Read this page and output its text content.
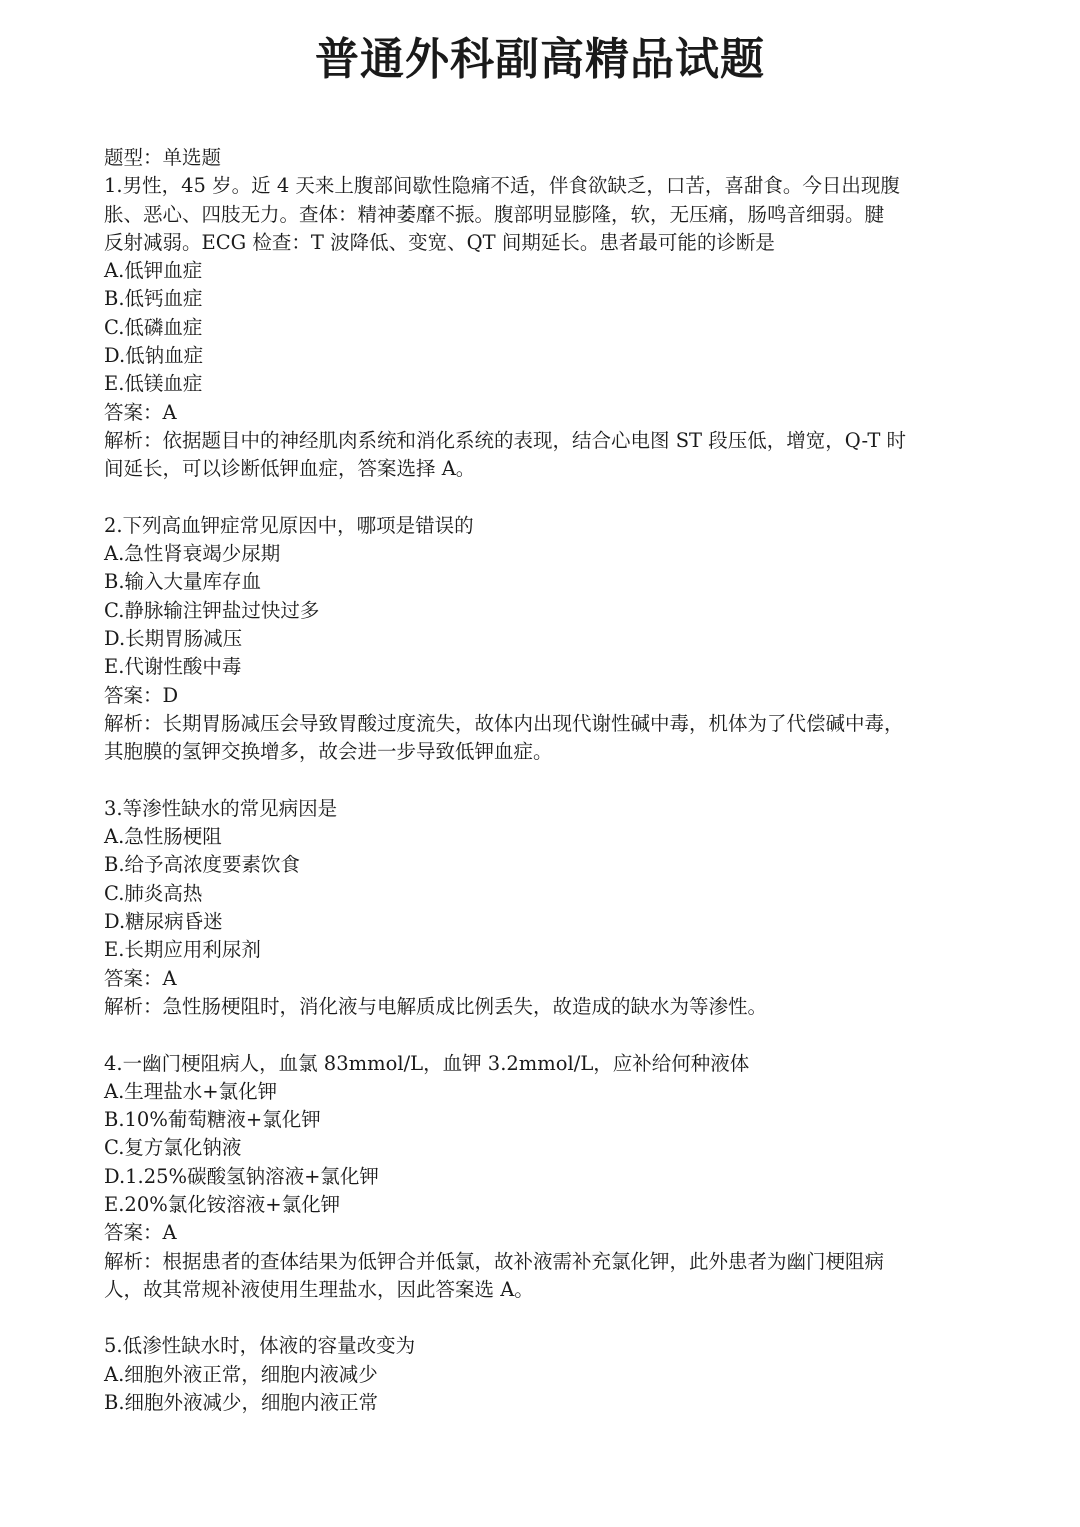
普通外科副高精品试题
题型：单选题
1.男性，45 岁。近 4 天来上腹部间歇性隐痛不适，伴食欲缺乏，口苦，喜甜食。今日出现腹
胀、恶心、四肢无力。查体：精神萎靡不振。腹部明显膨隆，软，无压痛，肠鸣音细弱。腱
反射减弱。ECG 检查：T 波降低、变宽、QT 间期延长。患者最可能的诊断是
A.低钾血症
B.低钙血症
C.低磷血症
D.低钠血症
E.低镁血症
答案：A
解析：依据题目中的神经肌肉系统和消化系统的表现，结合心电图 ST 段压低，增宽，Q-T 时
间延长，可以诊断低钾血症，答案选择 A。
2.下列高血钾症常见原因中，哪项是错误的
A.急性肾衰竭少尿期
B.输入大量库存血
C.静脉输注钾盐过快过多
D.长期胃肠减压
E.代谢性酸中毒
答案：D
解析：长期胃肠减压会导致胃酸过度流失，故体内出现代谢性碱中毒，机体为了代偿碱中毒，
其胞膜的氢钾交换增多，故会进一步导致低钾血症。
3.等渗性缺水的常见病因是
A.急性肠梗阻
B.给予高浓度要素饮食
C.肺炎高热
D.糖尿病昏迷
E.长期应用利尿剂
答案：A
解析：急性肠梗阻时，消化液与电解质成比例丢失，故造成的缺水为等渗性。
4.一幽门梗阻病人，血氯 83mmol/L，血钾 3.2mmol/L，应补给何种液体
A.生理盐水+氯化钾
B.10%葡萄糖液+氯化钾
C.复方氯化钠液
D.1.25%碳酸氢钠溶液+氯化钾
E.20%氯化铵溶液+氯化钾
答案：A
解析：根据患者的查体结果为低钾合并低氯，故补液需补充氯化钾，此外患者为幽门梗阻病
人，故其常规补液使用生理盐水，因此答案选 A。
5.低渗性缺水时，体液的容量改变为
A.细胞外液正常，细胞内液减少
B.细胞外液减少，细胞内液正常
